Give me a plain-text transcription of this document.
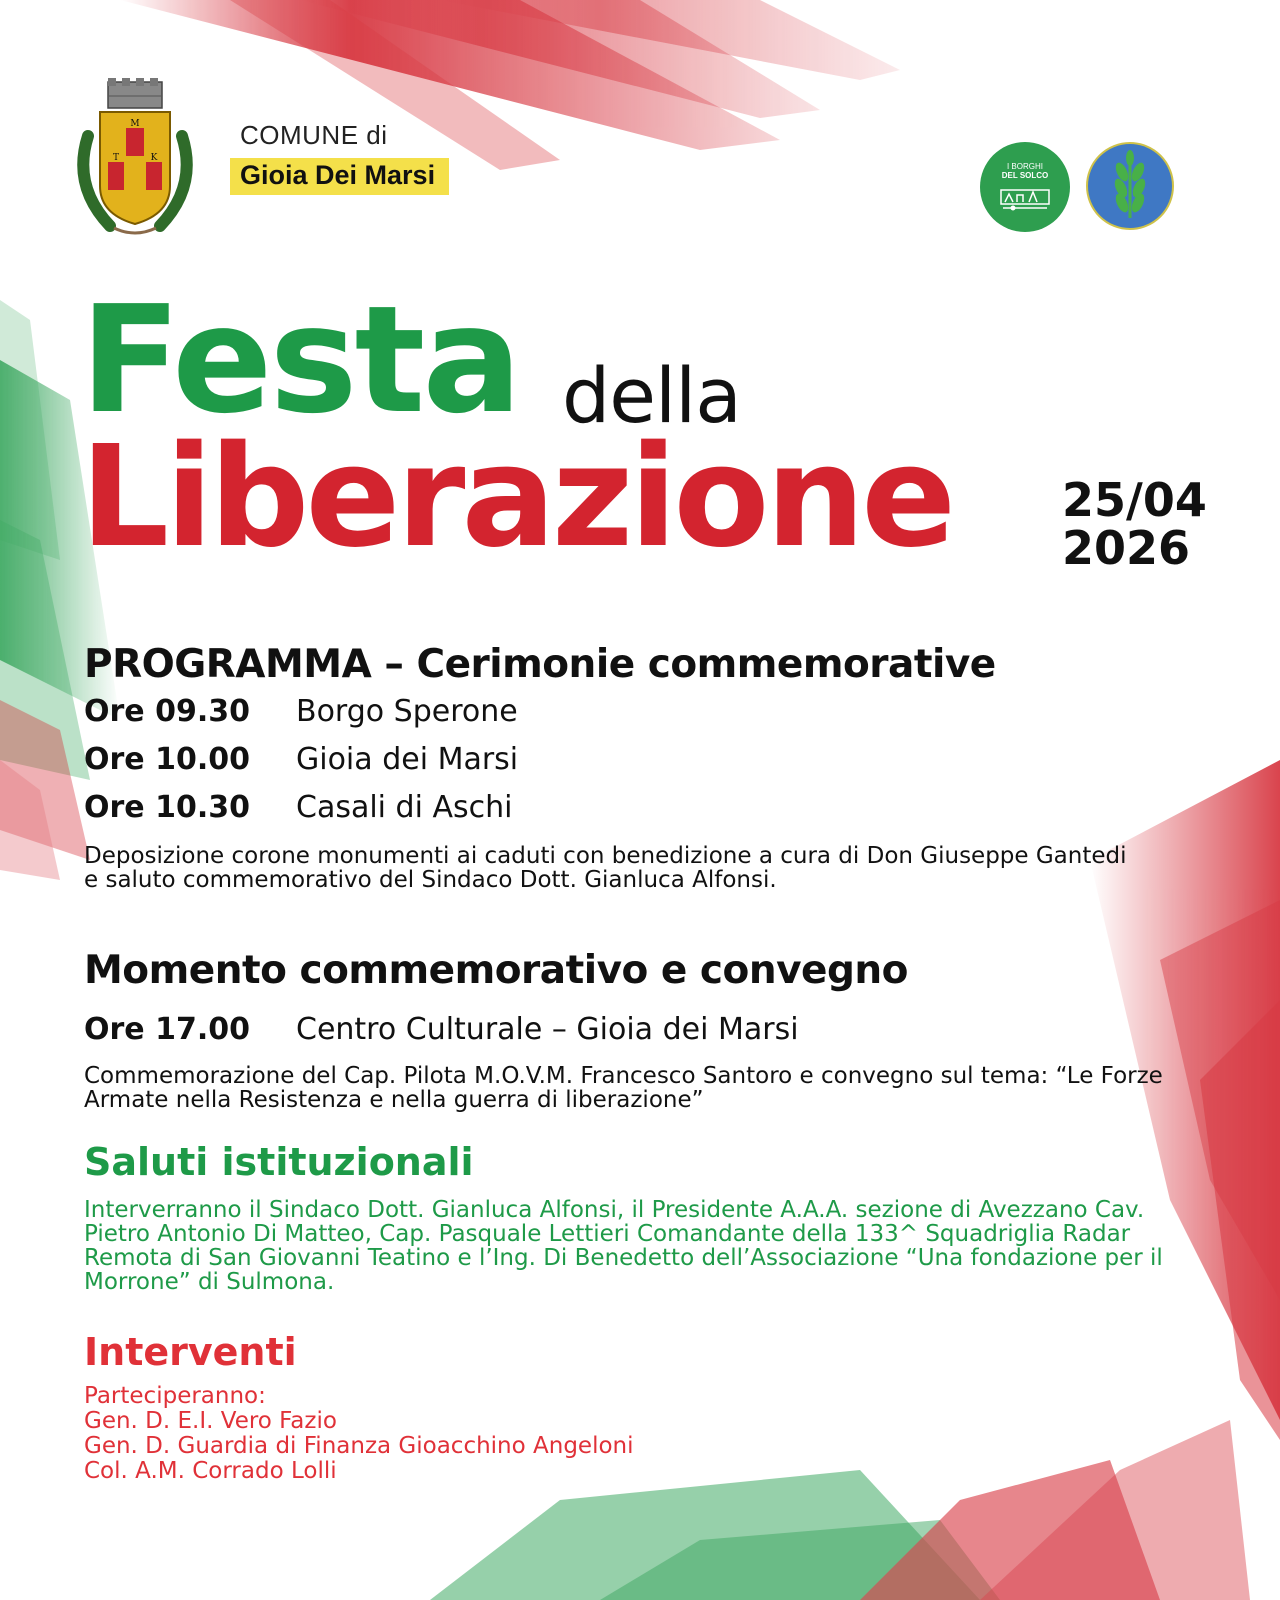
M
T	K
COMUNE di
Gioia Dei Marsi	I BORGHI
DEL SOLCO
Festa della
Liberazione 25/04
2026
PROGRAMMA – Cerimonie commemorative
Ore 09.30 Borgo Sperone
Ore 10.00 Gioia dei Marsi
Ore 10.30 Casali di Aschi
Deposizione corone monumenti ai caduti con benedizione a cura di Don Giuseppe Gantedi e saluto commemorativo del Sindaco Dott. Gianluca Alfonsi.
Momento commemorativo e convegno
Ore 17.00 Centro Culturale – Gioia dei Marsi
Commemorazione del Cap. Pilota M.O.V.M. Francesco Santoro e convegno sul tema: “Le Forze Armate nella Resistenza e nella guerra di liberazione”
Saluti istituzionali
Interverranno il Sindaco Dott. Gianluca Alfonsi, il Presidente A.A.A. sezione di Avezzano Cav. Pietro Antonio Di Matteo, Cap. Pasquale Lettieri Comandante della 133^ Squadriglia Radar Remota di San Giovanni Teatino e l’Ing. Di Benedetto dell’Associazione “Una fondazione per il Morrone” di Sulmona.
Interventi
Parteciperanno:
Gen. D. E.I. Vero Fazio
Gen. D. Guardia di Finanza Gioacchino Angeloni
Col. A.M. Corrado Lolli
